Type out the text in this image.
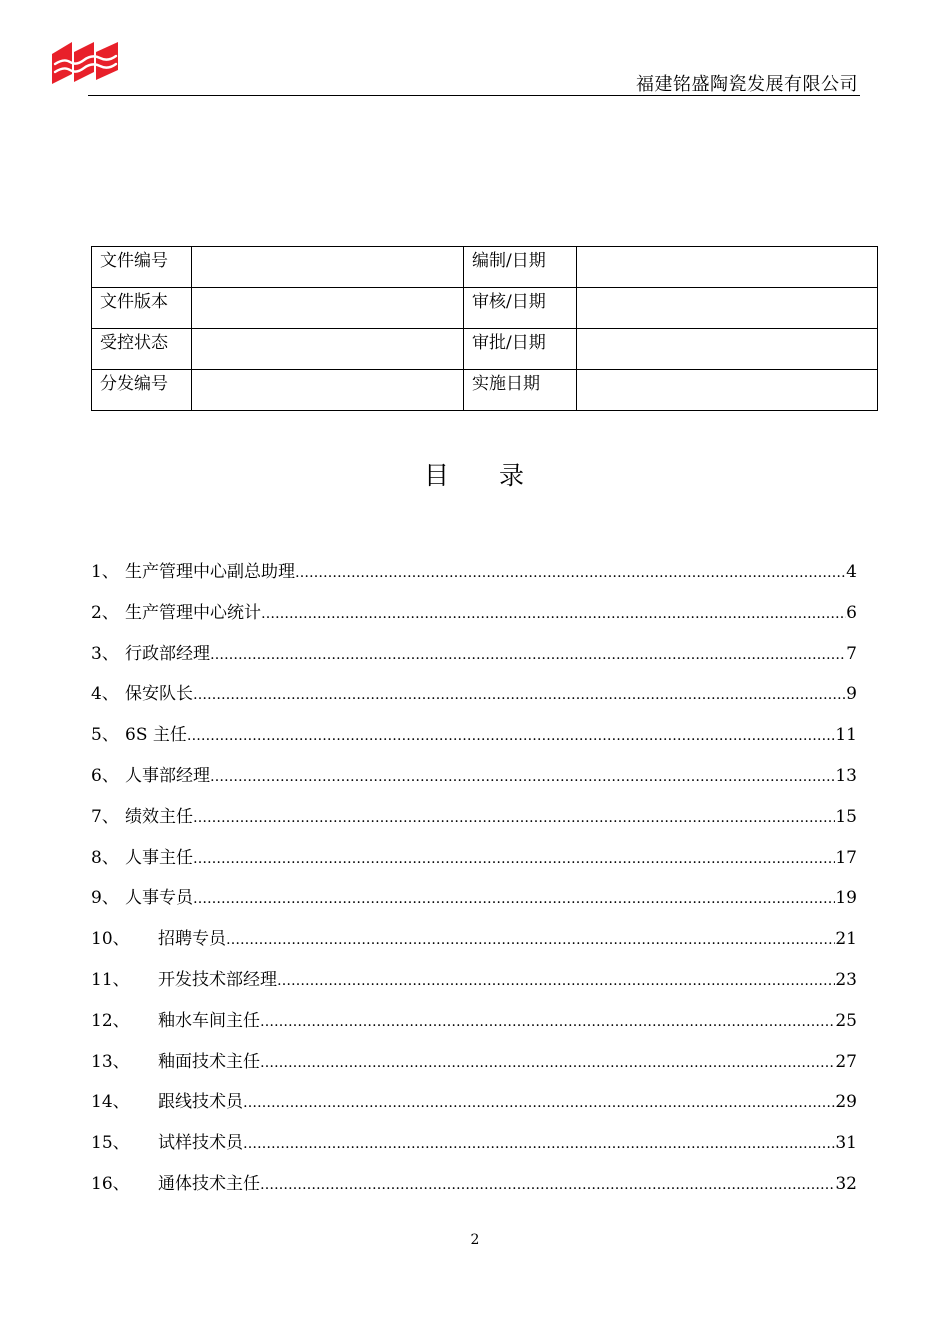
福建铭盛陶瓷发展有限公司
文件编号		编制/日期	
文件版本		审核/日期	
受控状态		审批/日期	
分发编号		实施日期	
目 录
1、 生产管理中心副总助理 …………………………………………………………………………………………………………………………………………………………………………………………	4
2、 生产管理中心统计 …………………………………………………………………………………………………………………………………………………………………………………………	6
3、 行政部经理 …………………………………………………………………………………………………………………………………………………………………………………………	7
4、 保安队长 …………………………………………………………………………………………………………………………………………………………………………………………	9
5、 6S 主任 …………………………………………………………………………………………………………………………………………………………………………………………	11
6、 人事部经理 …………………………………………………………………………………………………………………………………………………………………………………………	13
7、 绩效主任 …………………………………………………………………………………………………………………………………………………………………………………………	15
8、 人事主任 …………………………………………………………………………………………………………………………………………………………………………………………	17
9、 人事专员 …………………………………………………………………………………………………………………………………………………………………………………………	19
10、	招聘专员 …………………………………………………………………………………………………………………………………………………………………………………………	21
11、	开发技术部经理 …………………………………………………………………………………………………………………………………………………………………………………………	23
12、	釉水车间主任 …………………………………………………………………………………………………………………………………………………………………………………………	25
13、	釉面技术主任 …………………………………………………………………………………………………………………………………………………………………………………………	27
14、	跟线技术员 …………………………………………………………………………………………………………………………………………………………………………………………	29
15、	试样技术员 …………………………………………………………………………………………………………………………………………………………………………………………	31
16、	通体技术主任 …………………………………………………………………………………………………………………………………………………………………………………………	32
2
